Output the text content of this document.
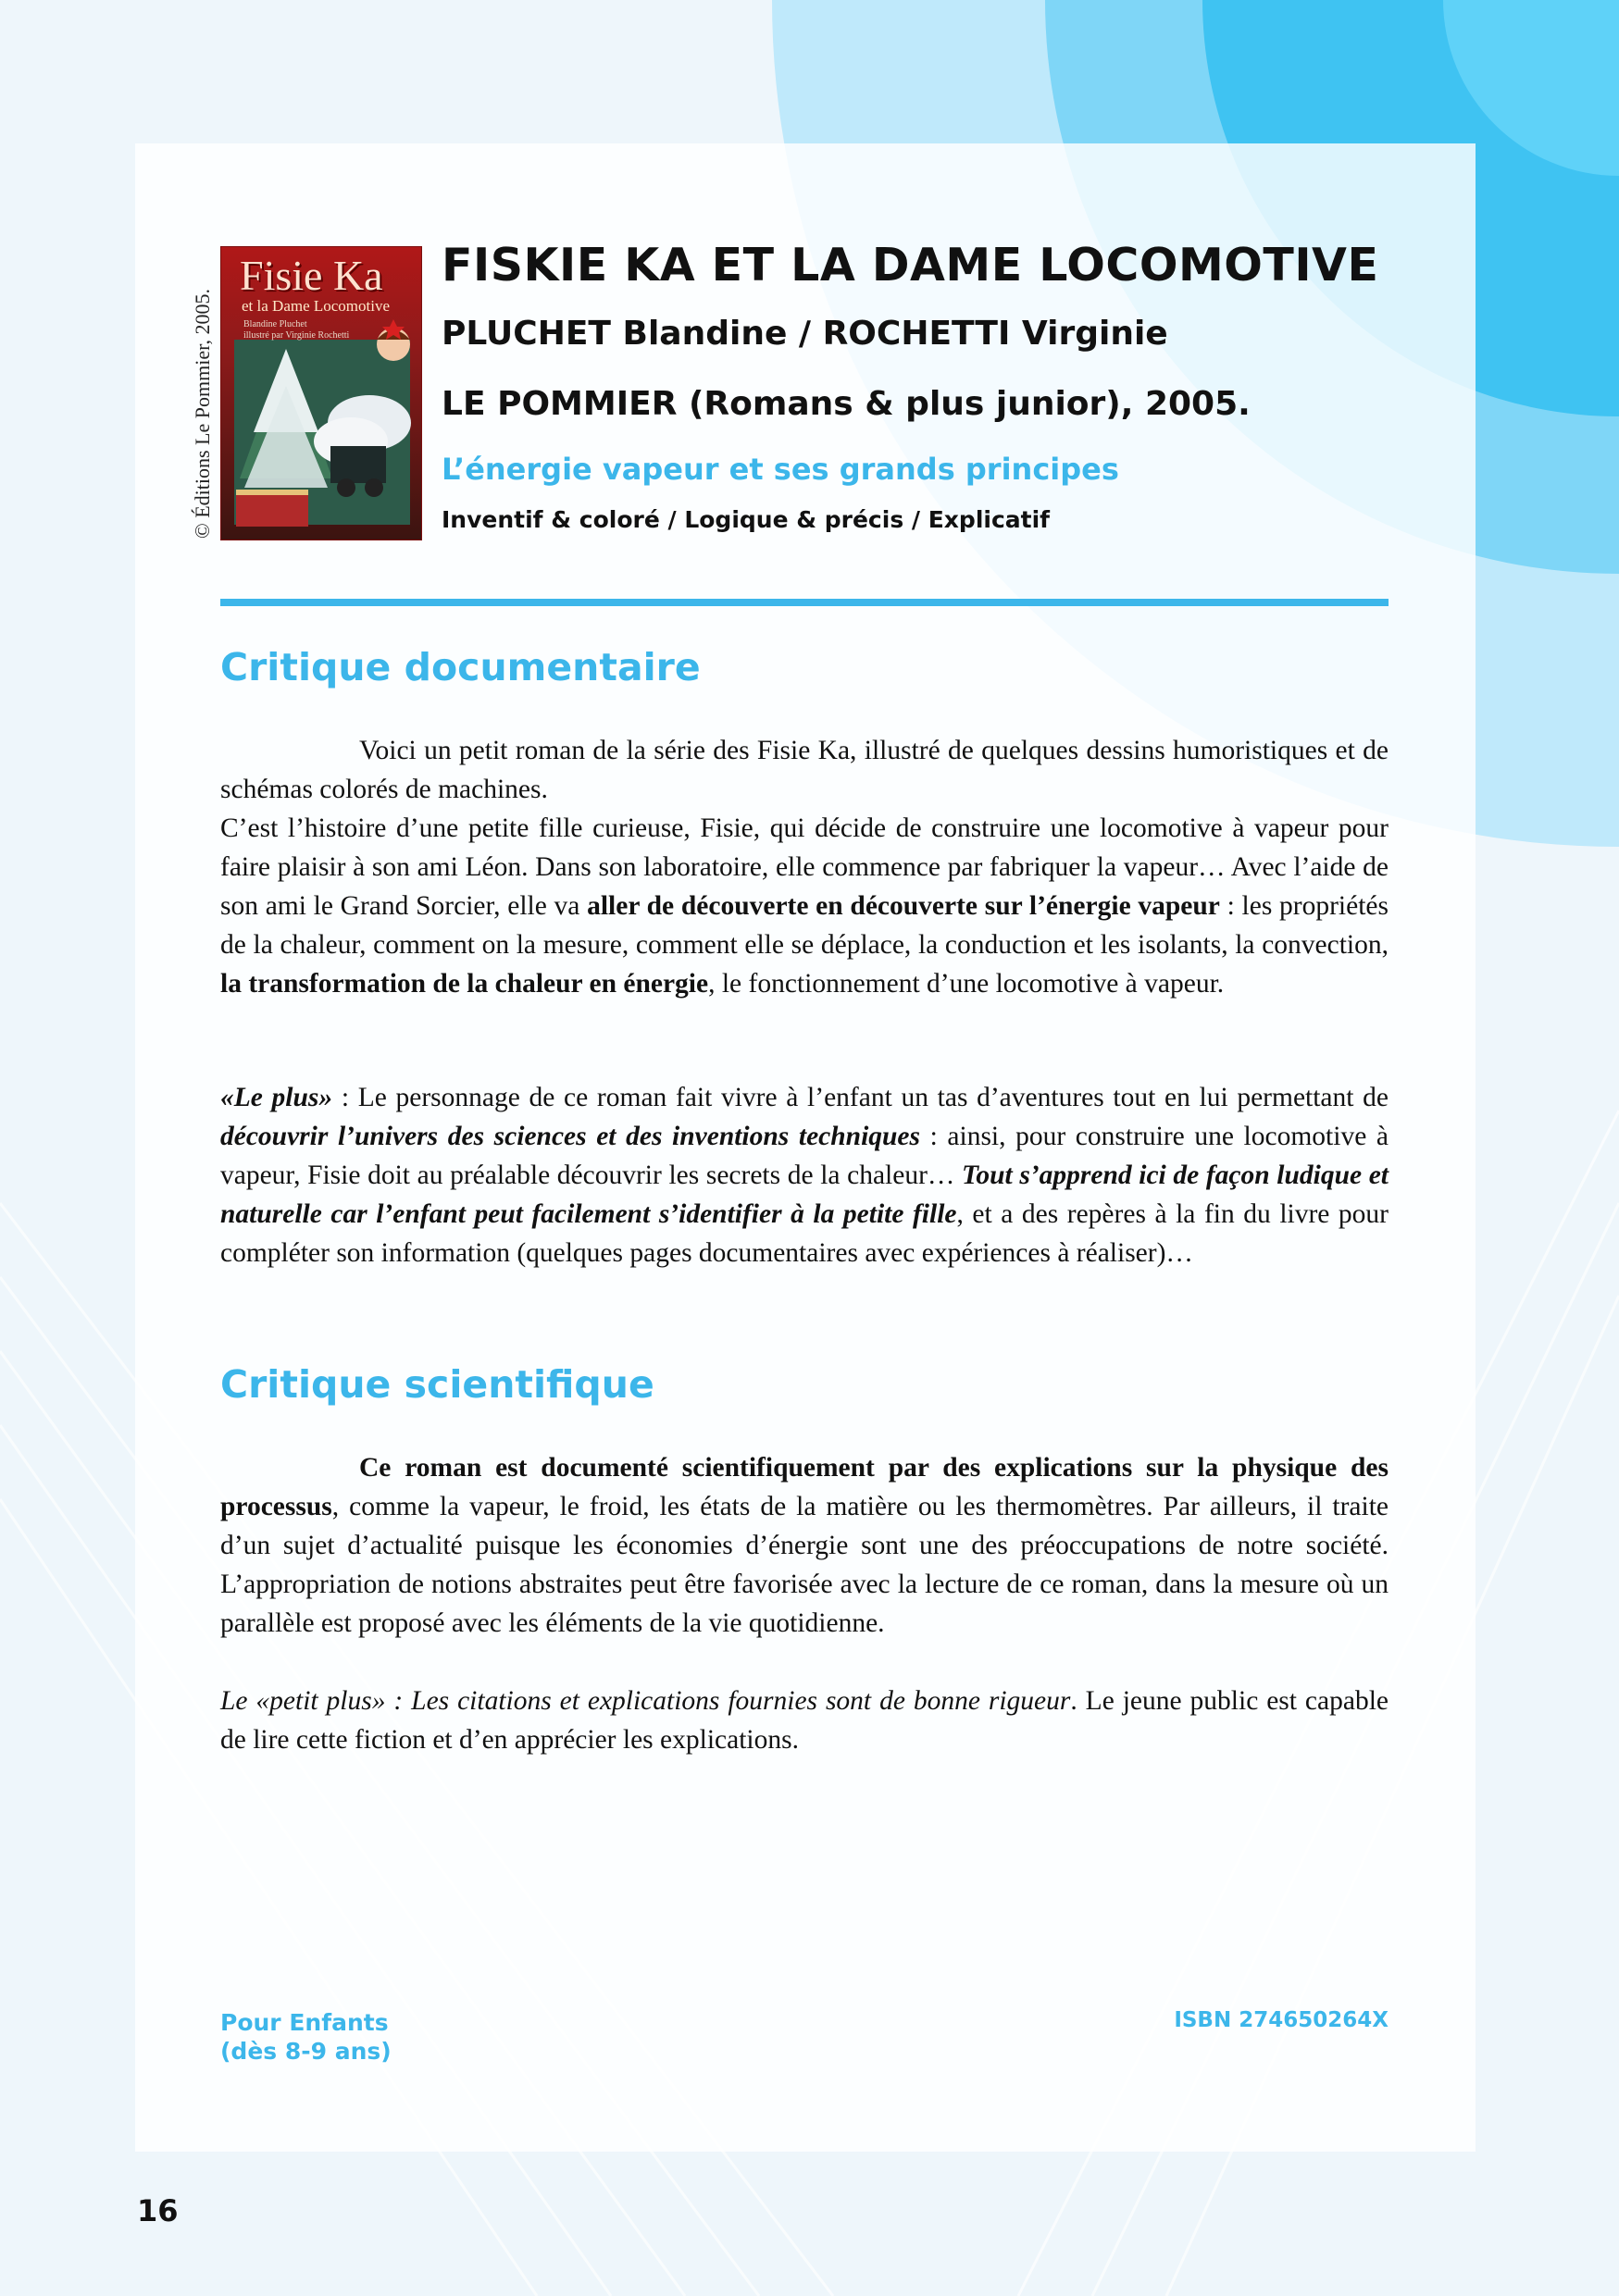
© Éditions Le Pommier, 2005.
Fisie Ka
et la Dame Locomotive
Blandine Pluchet
illustré par Virginie Rochetti
FISKIE KA ET LA DAME LOCOMOTIVE
PLUCHET Blandine / ROCHETTI Virginie
LE POMMIER (Romans & plus junior), 2005.
L’énergie vapeur et ses grands principes
Inventif & coloré / Logique & précis / Explicatif
Critique documentaire
Voici un petit roman de la série des Fisie Ka, illustré de quelques dessins humoristiques et de schémas colorés de machines.
C’est l’histoire d’une petite fille curieuse, Fisie, qui décide de construire une locomotive à vapeur pour faire plaisir à son ami Léon. Dans son laboratoire, elle commence par fabriquer la vapeur… Avec l’aide de son ami le Grand Sorcier, elle va aller de découverte en découverte sur l’énergie vapeur : les propriétés de la chaleur, comment on la mesure, comment elle se déplace, la conduction et les isolants, la convection, la transformation de la chaleur en énergie, le fonctionnement d’une locomotive à vapeur.
«Le plus» : Le personnage de ce roman fait vivre à l’enfant un tas d’aventures tout en lui permettant de découvrir l’univers des sciences et des inventions techniques : ainsi, pour construire une locomotive à vapeur, Fisie doit au préalable découvrir les secrets de la chaleur… Tout s’apprend ici de façon ludique et naturelle car l’enfant peut facilement s’identifier à la petite fille, et a des repères à la fin du livre pour compléter son information (quelques pages documentaires avec expériences à réaliser)…
Critique scientifique
Ce roman est documenté scientifiquement par des explications sur la physique des processus, comme la vapeur, le froid, les états de la matière ou les thermomètres. Par ailleurs, il traite d’un sujet d’actualité puisque les économies d’énergie sont une des préoccupations de notre société. L’appropriation de notions abstraites peut être favorisée avec la lecture de ce roman, dans la mesure où un parallèle est proposé avec les éléments de la vie quotidienne.
Le «petit plus» : Les citations et explications fournies sont de bonne rigueur. Le jeune public est capable de lire cette fiction et d’en apprécier les explications.
Pour Enfants
(dès 8-9 ans)
ISBN 274650264X
16
